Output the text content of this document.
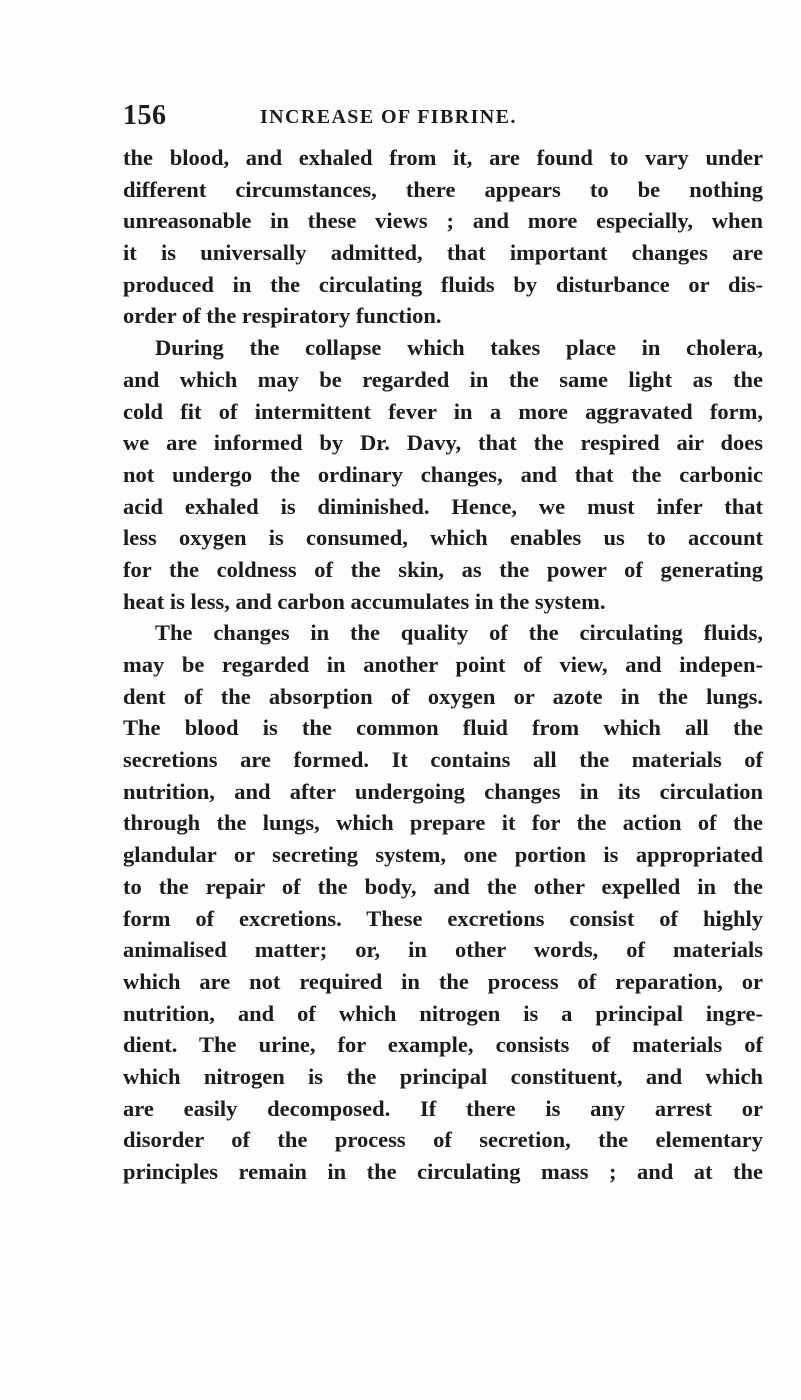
156	INCREASE OF FIBRINE.
the blood, and exhaled from it, are found to vary under
different circumstances, there appears to be nothing
unreasonable in these views ; and more especially, when
it is universally admitted, that important changes are
produced in the circulating fluids by disturbance or dis-
order of the respiratory function.
During the collapse which takes place in cholera,
and which may be regarded in the same light as the
cold fit of intermittent fever in a more aggravated form,
we are informed by Dr. Davy, that the respired air does
not undergo the ordinary changes, and that the carbonic
acid exhaled is diminished. Hence, we must infer that
less oxygen is consumed, which enables us to account
for the coldness of the skin, as the power of generating
heat is less, and carbon accumulates in the system.
The changes in the quality of the circulating fluids,
may be regarded in another point of view, and indepen-
dent of the absorption of oxygen or azote in the lungs.
The blood is the common fluid from which all the
secretions are formed. It contains all the materials of
nutrition, and after undergoing changes in its circulation
through the lungs, which prepare it for the action of the
glandular or secreting system, one portion is appropriated
to the repair of the body, and the other expelled in the
form of excretions. These excretions consist of highly
animalised matter; or, in other words, of materials
which are not required in the process of reparation, or
nutrition, and of which nitrogen is a principal ingre-
dient. The urine, for example, consists of materials of
which nitrogen is the principal constituent, and which
are easily decomposed. If there is any arrest or
disorder of the process of secretion, the elementary
principles remain in the circulating mass ; and at the
